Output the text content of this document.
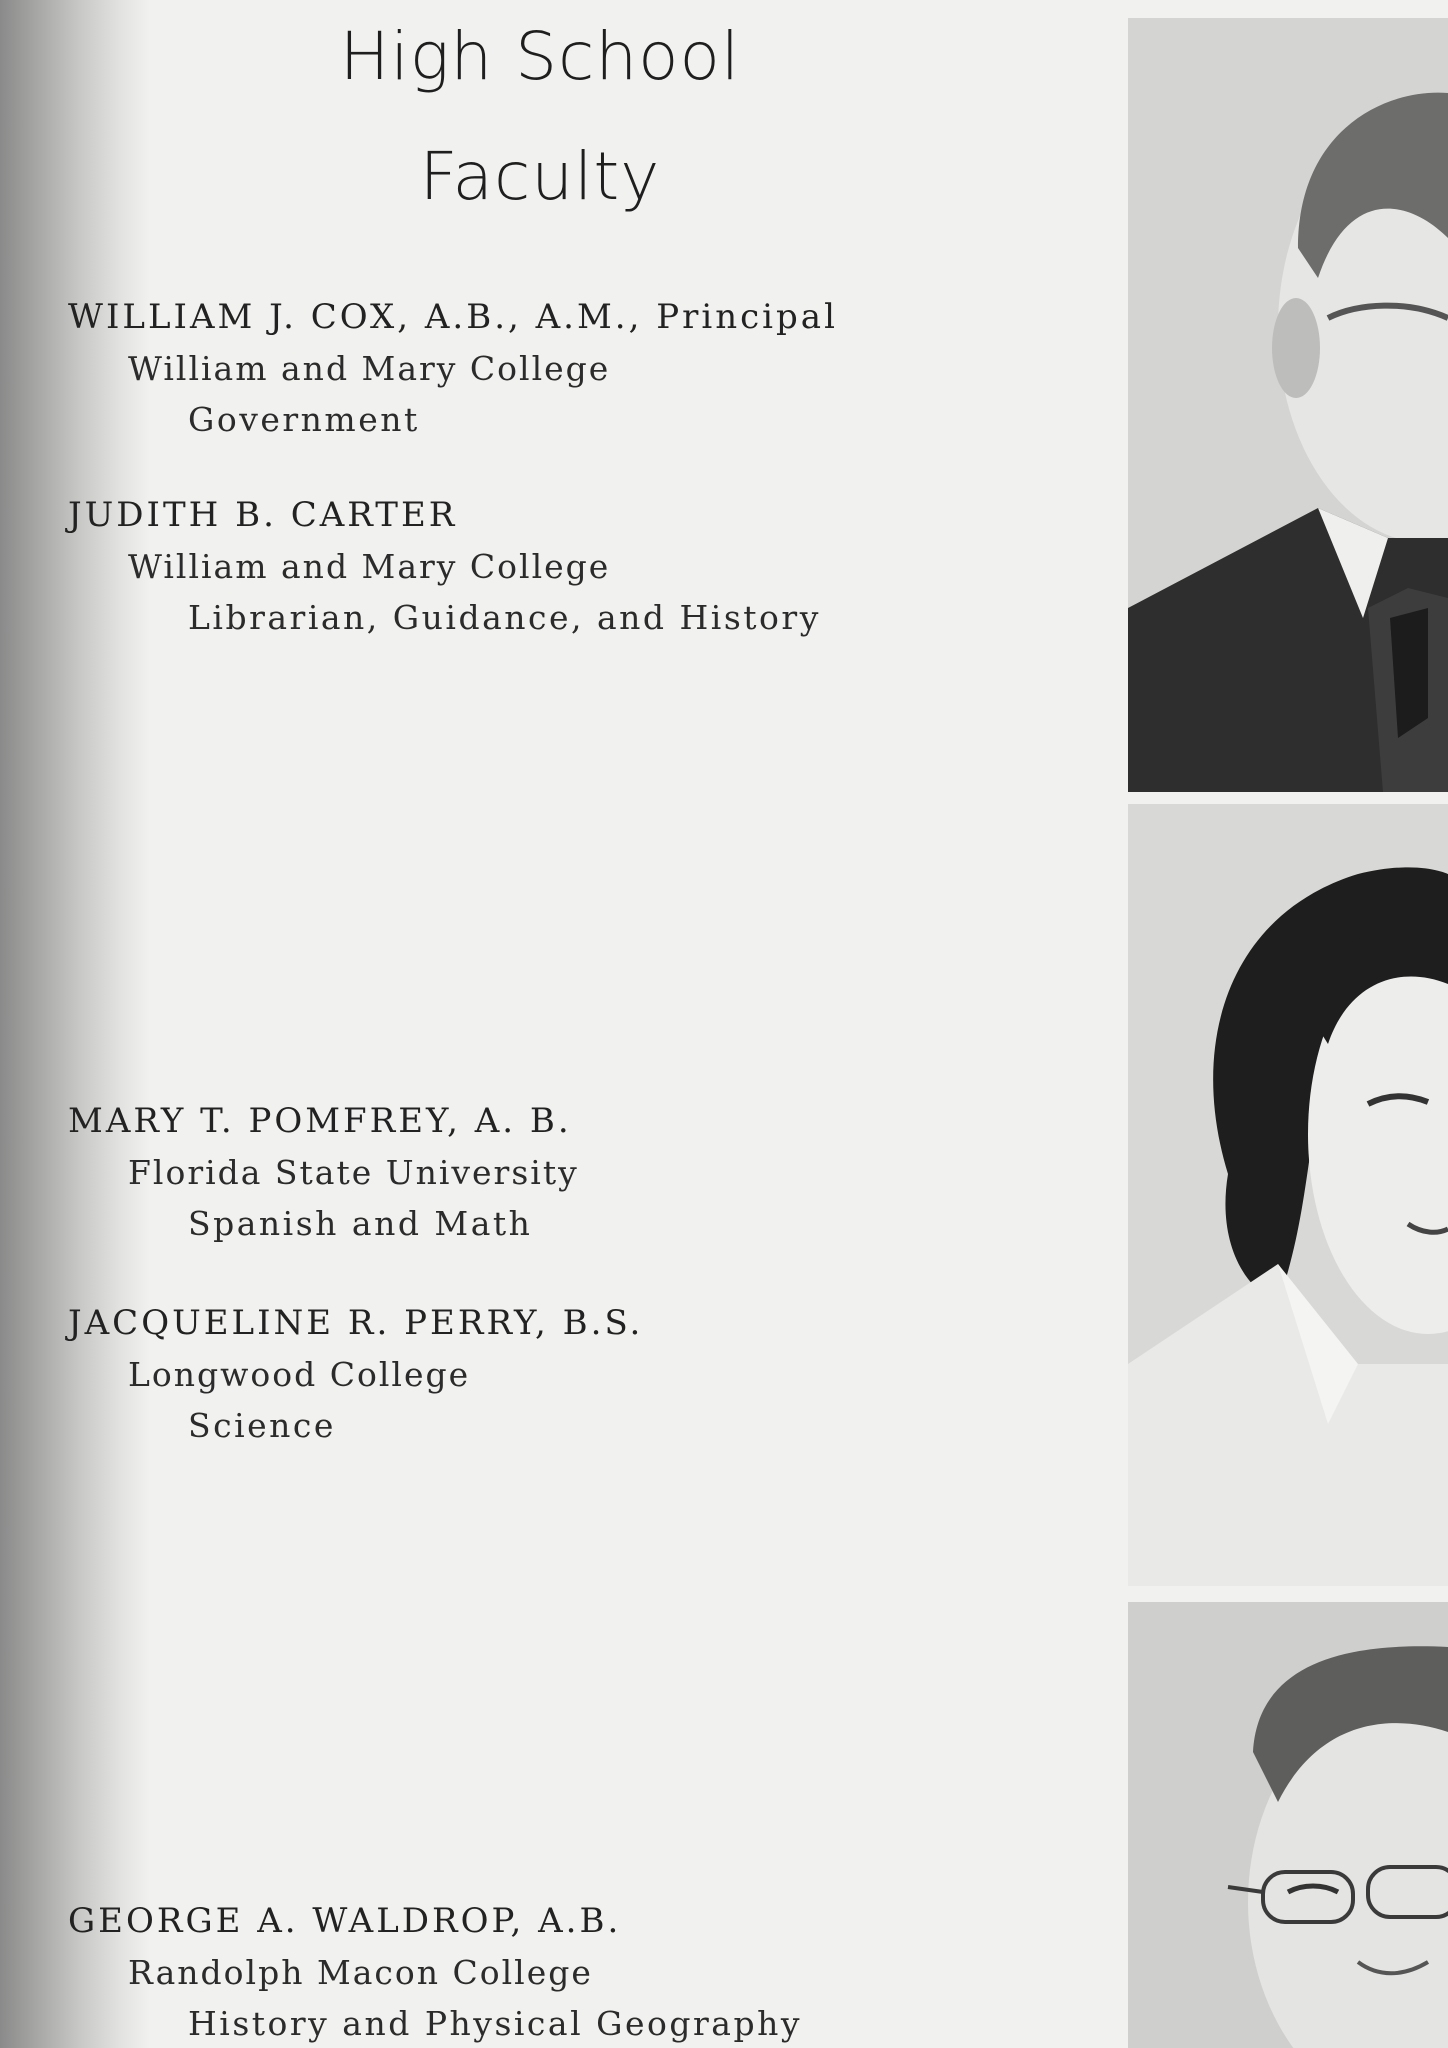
High School
Faculty
WILLIAM J. COX, A.B., A.M., Principal
William and Mary College
Government
JUDITH B. CARTER
William and Mary College
Librarian, Guidance, and History
MARY T. POMFREY, A. B.
Florida State University
Spanish and Math
JACQUELINE R. PERRY, B.S.
Longwood College
Science
GEORGE A. WALDROP, A.B.
Randolph Macon College
History and Physical Geography
